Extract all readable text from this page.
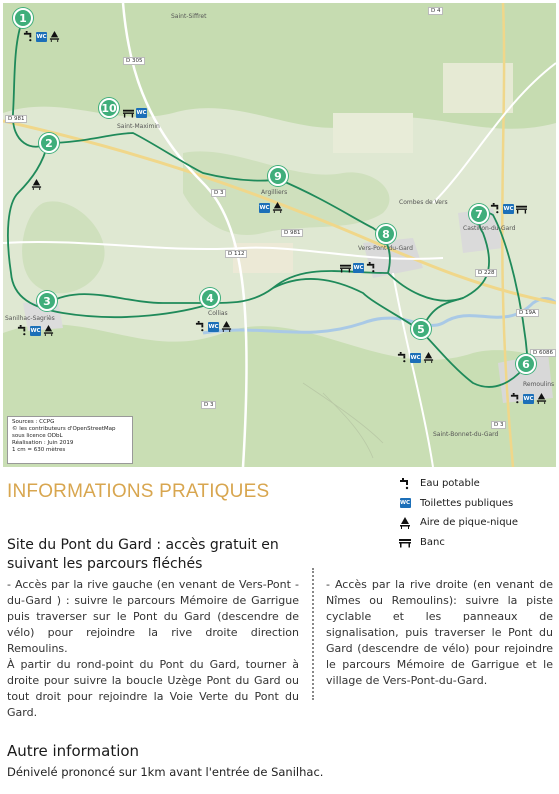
Saint-Siffret
Saint-Maximin
Argilliers
Collias
Sanilhac-Sagriès
Vers-Pont-du-Gard
Castillon-du-Gard
Remoulins
Saint-Bonnet-du-Gard
Combes de Vers
D 4
D 305
D 981
D 981
D 3
D 112
D 3
D 228
D 19A
D 6086
D 3
1
2
3	4
5
6
7
8
9
10
WC
WC
WC
WC
WC
WC
WC
WC
WC
Sources : CCPG
© les contributeurs d'OpenStreetMap
sous licence ODbL
Réalisation : Juin 2019
1 cm = 630 mètres
INFORMATIONS PRATIQUES	Eau potable
WC Toilettes publiques
Aire de pique-nique
Banc
Site du Pont du Gard : accès gratuit en suivant les parcours fléchés

- Accès par la rive gauche (en venant de Vers-Pont - du-Gard ) : suivre le parcours Mémoire de Garrigue puis traverser sur le Pont du Gard (descendre de vélo) pour rejoindre la rive droite direction Remoulins.

À partir du rond-point du Pont du Gard, tourner à droite pour suivre la boucle Uzège Pont du Gard ou tout droit pour rejoindre la Voie Verte du Pont du Gard.

- Accès par la rive droite (en venant de Nîmes ou Remoulins): suivre la piste cyclable et les panneaux de signalisation, puis traverser le Pont du Gard (descendre de vélo) pour rejoindre le parcours Mémoire de Garrigue et le village de Vers-Pont-du-Gard.

Autre information
Dénivelé prononcé sur 1km avant l'entrée de Sanilhac.
